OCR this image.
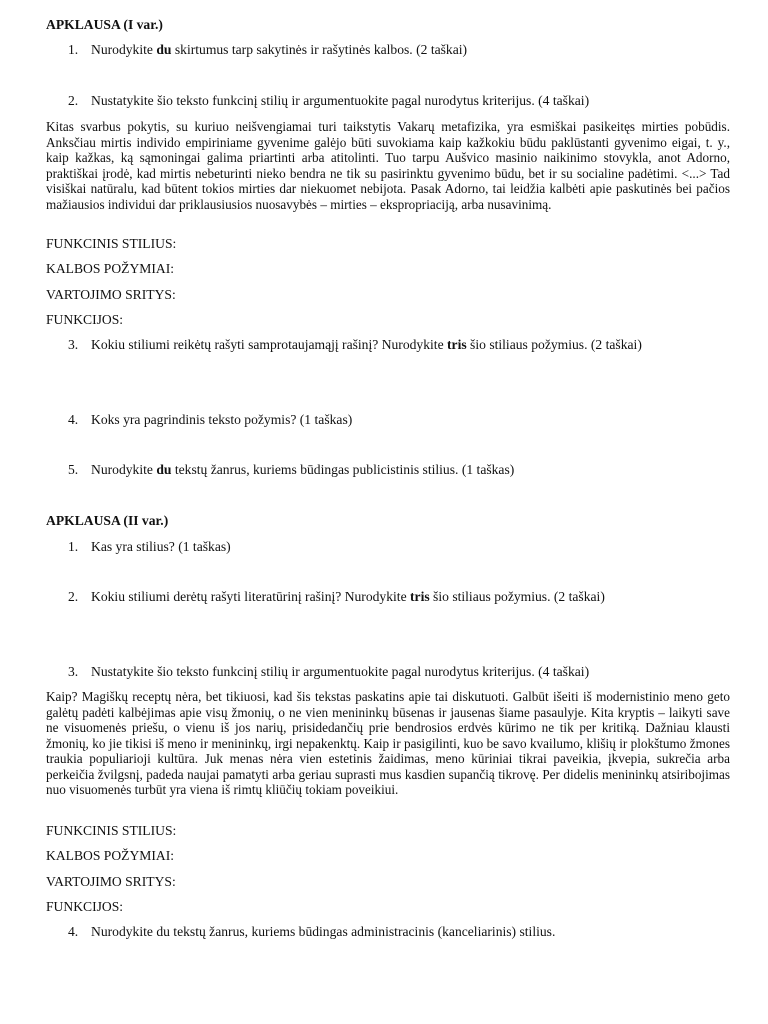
APKLAUSA (I var.)
1. Nurodykite du skirtumus tarp sakytinės ir rašytinės kalbos. (2 taškai)
2. Nustatykite šio teksto funkcinį stilių ir argumentuokite pagal nurodytus kriterijus. (4 taškai)
Kitas svarbus pokytis, su kuriuo neišvengiamai turi taikstytis Vakarų metafizika, yra esmiškai pasikeitęs mirties pobūdis. Anksčiau mirtis individo empiriniame gyvenime galėjo būti suvokiama kaip kažkokiu būdu paklūstanti gyvenimo eigai, t. y., kaip kažkas, ką sąmoningai galima priartinti arba atitolinti. Tuo tarpu Aušvico masinio naikinimo stovykla, anot Adorno, praktiškai įrodė, kad mirtis nebeturinti nieko bendra ne tik su pasirinktu gyvenimo būdu, bet ir su socialine padėtimi. <...> Tad visiškai natūralu, kad būtent tokios mirties dar niekuomet nebijota. Pasak Adorno, tai leidžia kalbėti apie paskutinės bei pačios mažiausios individui dar priklausiusios nuosavybės – mirties – ekspropriaciją, arba nusavinimą.
FUNKCINIS STILIUS:
KALBOS POŽYMIAI:
VARTOJIMO SRITYS:
FUNKCIJOS:
3. Kokiu stiliumi reikėtų rašyti samprotaujamąjį rašinį? Nurodykite tris šio stiliaus požymius. (2 taškai)
4. Koks yra pagrindinis teksto požymis? (1 taškas)
5. Nurodykite du tekstų žanrus, kuriems būdingas publicistinis stilius. (1 taškas)
APKLAUSA (II var.)
1. Kas yra stilius? (1 taškas)
2. Kokiu stiliumi derėtų rašyti literatūrinį rašinį? Nurodykite tris šio stiliaus požymius. (2 taškai)
3. Nustatykite šio teksto funkcinį stilių ir argumentuokite pagal nurodytus kriterijus. (4 taškai)
Kaip? Magiškų receptų nėra, bet tikiuosi, kad šis tekstas paskatins apie tai diskutuoti. Galbūt išeiti iš modernistinio meno geto galėtų padėti kalbėjimas apie visų žmonių, o ne vien menininkų būsenas ir jausenas šiame pasaulyje. Kita kryptis – laikyti save ne visuomenės priešu, o vienu iš jos narių, prisidedančių prie bendrosios erdvės kūrimo ne tik per kritiką. Dažniau klausti žmonių, ko jie tikisi iš meno ir menininkų, irgi nepakenktų. Kaip ir pasigilinti, kuo be savo kvailumo, klišių ir plokštumo žmones traukia populiarioji kultūra. Juk menas nėra vien estetinis žaidimas, meno kūriniai tikrai paveikia, įkvepia, sukrečia arba perkeičia žvilgsnį, padeda naujai pamatyti arba geriau suprasti mus kasdien supančią tikrovę. Per didelis menininkų atsiribojimas nuo visuomenės turbūt yra viena iš rimtų kliūčių tokiam poveikiui.
FUNKCINIS STILIUS:
KALBOS POŽYMIAI:
VARTOJIMO SRITYS:
FUNKCIJOS:
4. Nurodykite du tekstų žanrus, kuriems būdingas administracinis (kanceliarinis) stilius.
